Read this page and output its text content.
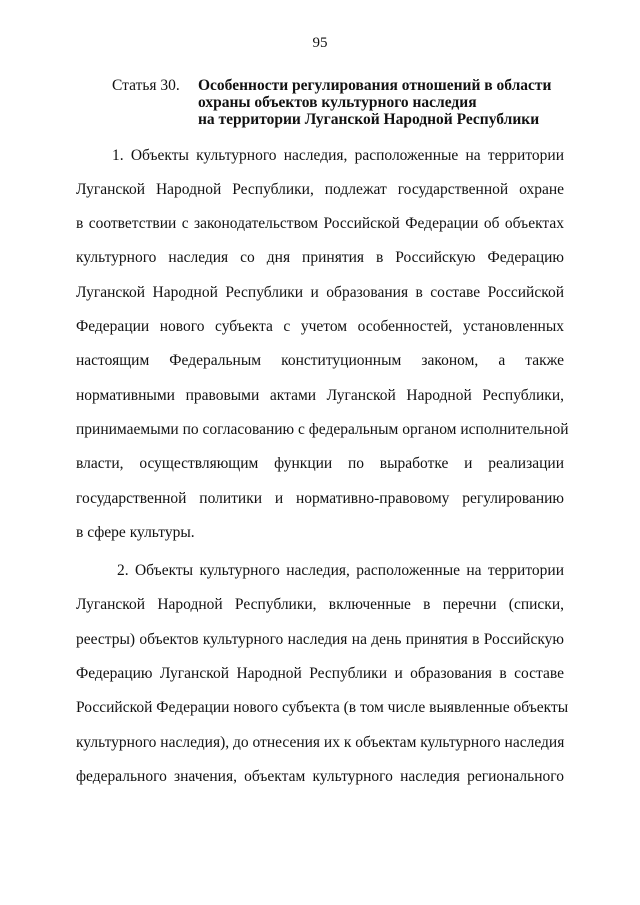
95
Статья 30. Особенности регулирования отношений в области
охраны объектов культурного наследия
на территории Луганской Народной Республики
1. Объекты культурного наследия, расположенные на территории
Луганской Народной Республики, подлежат государственной охране
в соответствии с законодательством Российской Федерации об объектах
культурного наследия со дня принятия в Российскую Федерацию
Луганской Народной Республики и образования в составе Российской
Федерации нового субъекта с учетом особенностей, установленных
настоящим Федеральным конституционным законом, а также
нормативными правовыми актами Луганской Народной Республики,
принимаемыми по согласованию с федеральным органом исполнительной
власти, осуществляющим функции по выработке и реализации
государственной политики и нормативно-правовому регулированию
в сфере культуры.
2. Объекты культурного наследия, расположенные на территории
Луганской Народной Республики, включенные в перечни (списки,
реестры) объектов культурного наследия на день принятия в Российскую
Федерацию Луганской Народной Республики и образования в составе
Российской Федерации нового субъекта (в том числе выявленные объекты
культурного наследия), до отнесения их к объектам культурного наследия
федерального значения, объектам культурного наследия регионального
